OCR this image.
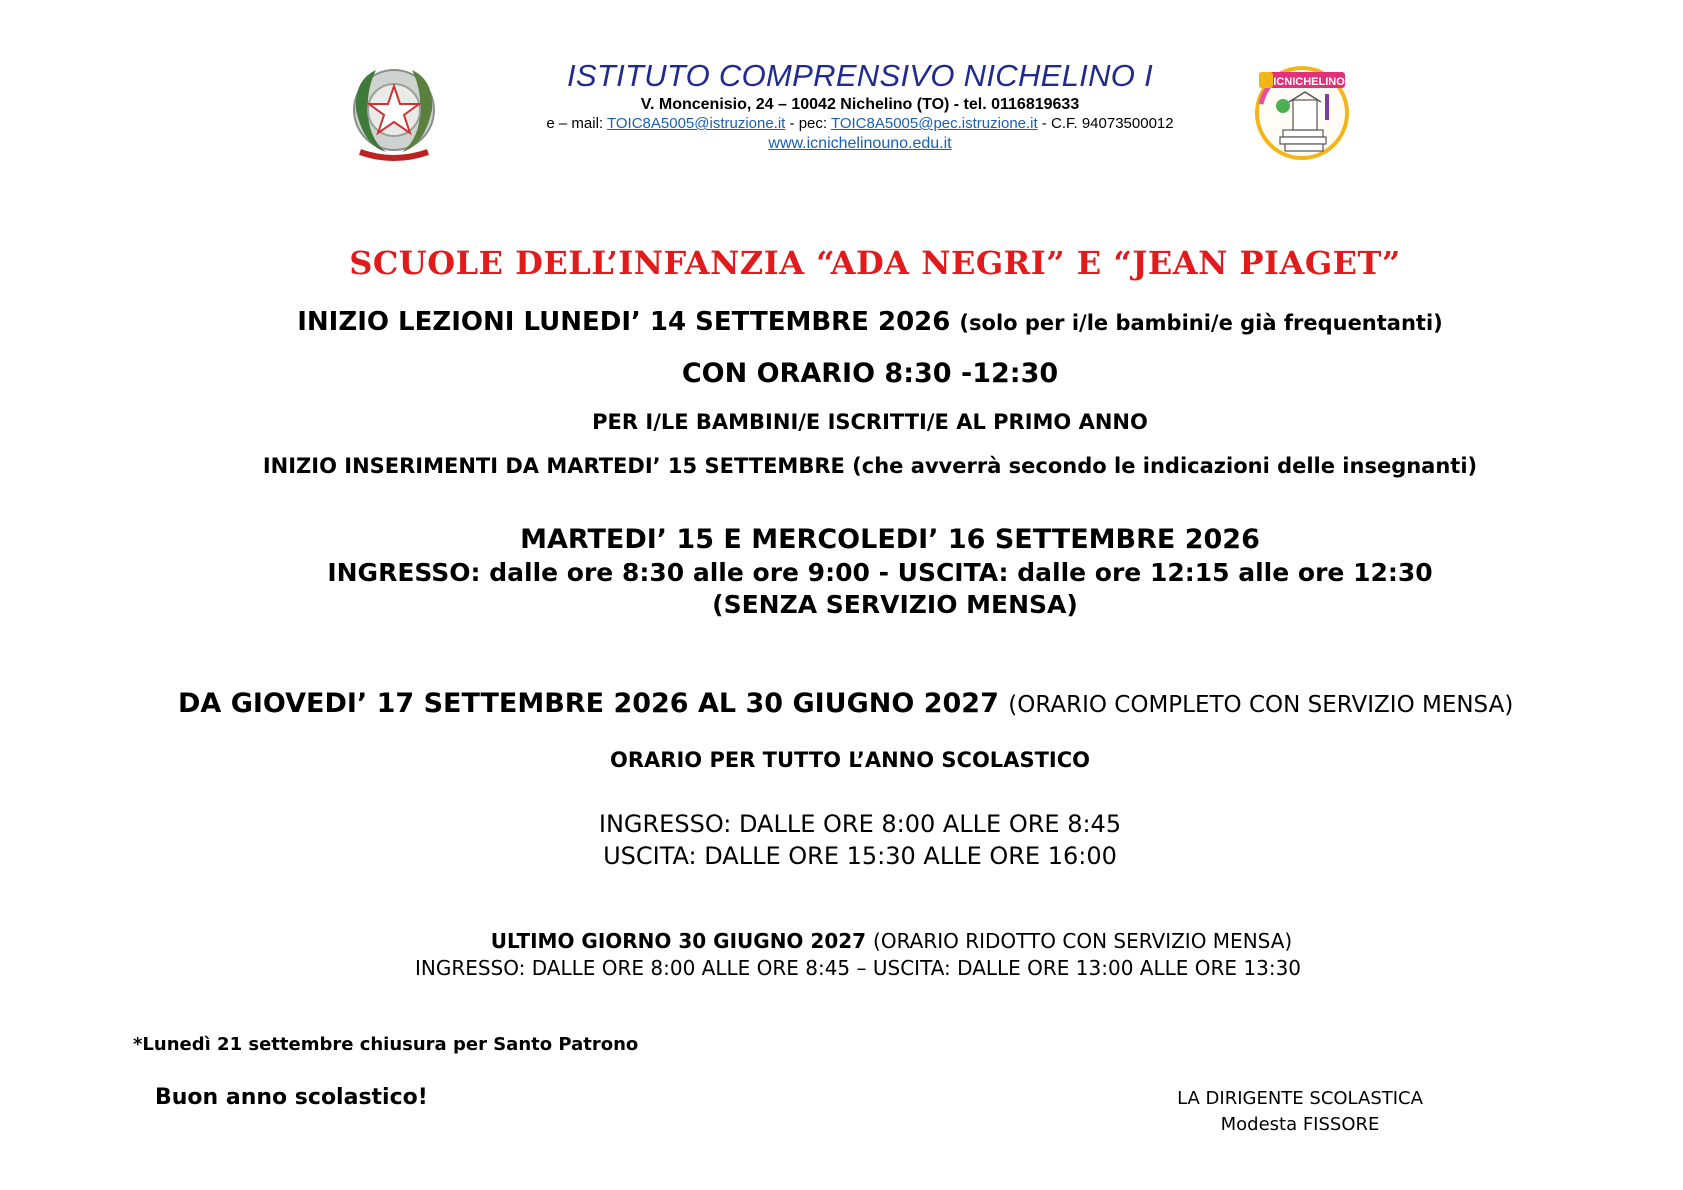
ICNICHELINO
ISTITUTO COMPRENSIVO NICHELINO I
V. Moncenisio, 24 – 10042 Nichelino (TO) - tel. 0116819633
e – mail: TOIC8A5005@istruzione.it - pec: TOIC8A5005@pec.istruzione.it - C.F. 94073500012
www.icnichelinouno.edu.it
SCUOLE DELL’INFANZIA “ADA NEGRI” E “JEAN PIAGET”
INIZIO LEZIONI LUNEDI’ 14 SETTEMBRE 2026 (solo per i/le bambini/e già frequentanti)
CON ORARIO 8:30 -12:30
PER I/LE BAMBINI/E ISCRITTI/E AL PRIMO ANNO
INIZIO INSERIMENTI DA MARTEDI’ 15 SETTEMBRE (che avverrà secondo le indicazioni delle insegnanti)
MARTEDI’ 15 E MERCOLEDI’ 16 SETTEMBRE 2026
INGRESSO: dalle ore 8:30 alle ore 9:00 - USCITA: dalle ore 12:15 alle ore 12:30
(SENZA SERVIZIO MENSA)
DA GIOVEDI’ 17 SETTEMBRE 2026 AL 30 GIUGNO 2027 (ORARIO COMPLETO CON SERVIZIO MENSA)
ORARIO PER TUTTO L’ANNO SCOLASTICO
INGRESSO: DALLE ORE 8:00 ALLE ORE 8:45
USCITA: DALLE ORE 15:30 ALLE ORE 16:00
ULTIMO GIORNO 30 GIUGNO 2027 (ORARIO RIDOTTO CON SERVIZIO MENSA)
INGRESSO: DALLE ORE 8:00 ALLE ORE 8:45 – USCITA: DALLE ORE 13:00 ALLE ORE 13:30
*Lunedì 21 settembre chiusura per Santo Patrono
Buon anno scolastico!	LA DIRIGENTE SCOLASTICA
Modesta FISSORE
